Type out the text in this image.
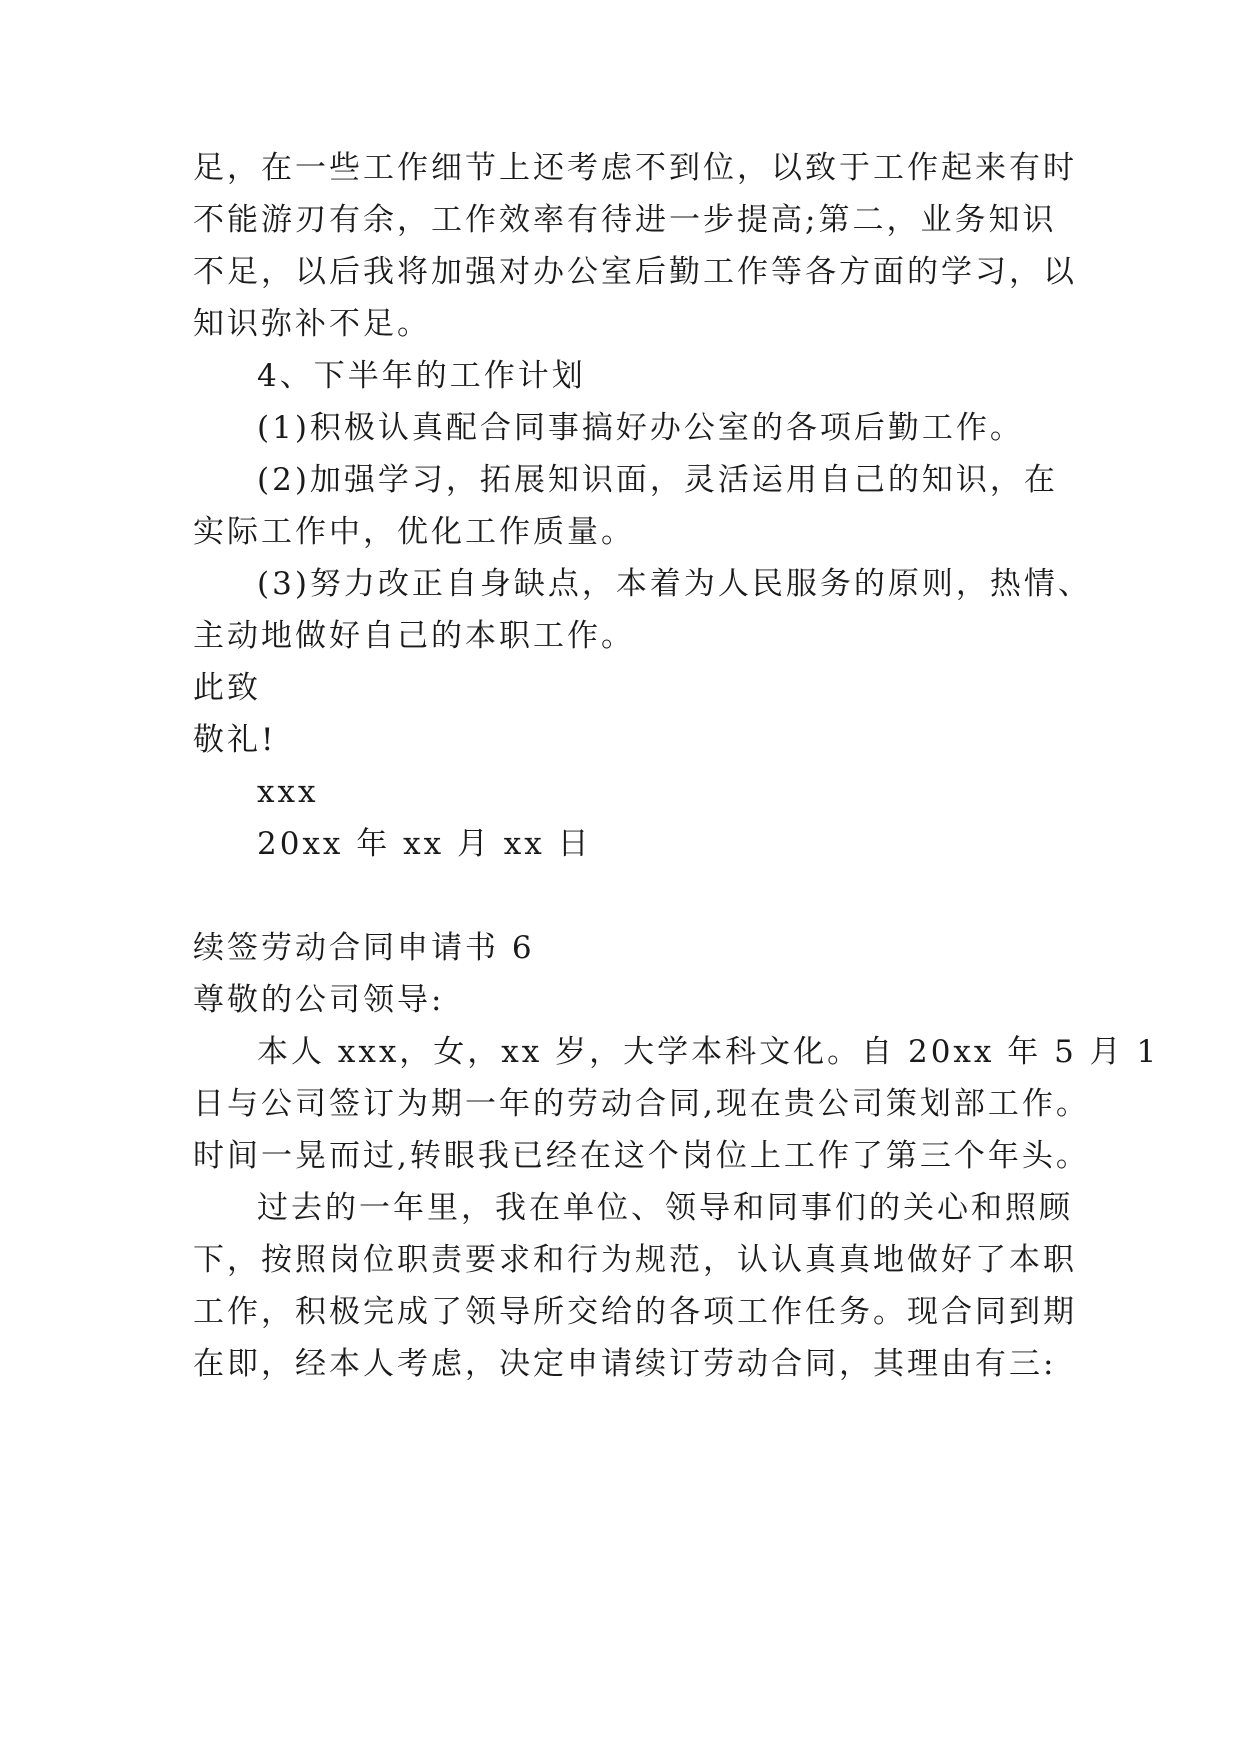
足，在一些工作细节上还考虑不到位，以致于工作起来有时
不能游刃有余，工作效率有待进一步提高;第二，业务知识
不足，以后我将加强对办公室后勤工作等各方面的学习，以
知识弥补不足。
4、下半年的工作计划
(1)积极认真配合同事搞好办公室的各项后勤工作。
(2)加强学习，拓展知识面，灵活运用自己的知识，在
实际工作中，优化工作质量。
(3)努力改正自身缺点，本着为人民服务的原则，热情、
主动地做好自己的本职工作。
此致
敬礼!
xxx
20xx 年 xx 月 xx 日
续签劳动合同申请书 6
尊敬的公司领导:
本人 xxx，女，xx 岁，大学本科文化。自 20xx 年 5 月 1
日与公司签订为期一年的劳动合同,现在贵公司策划部工作。
时间一晃而过,转眼我已经在这个岗位上工作了第三个年头。
过去的一年里，我在单位、领导和同事们的关心和照顾
下，按照岗位职责要求和行为规范，认认真真地做好了本职
工作，积极完成了领导所交给的各项工作任务。现合同到期
在即，经本人考虑，决定申请续订劳动合同，其理由有三:
